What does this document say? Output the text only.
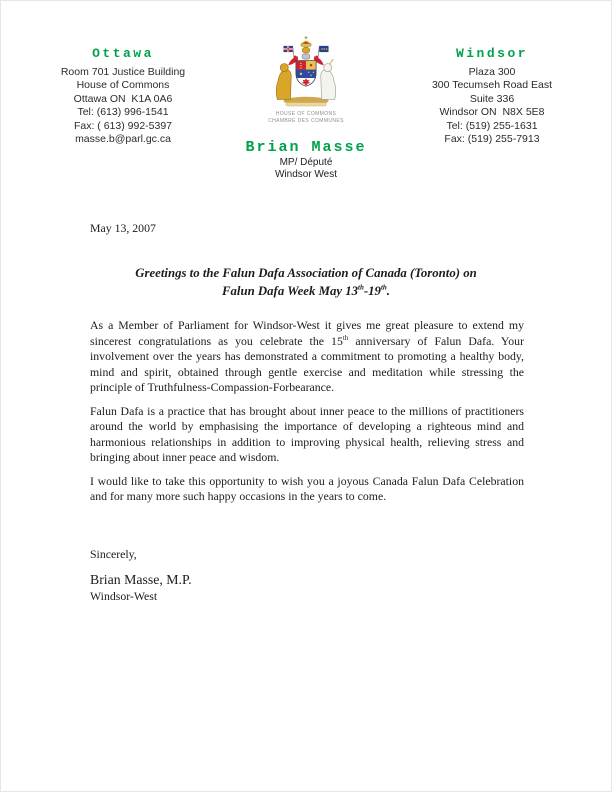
Ottawa
Room 701 Justice Building
House of Commons
Ottawa ON  K1A 0A6
Tel: (613) 996-1541
Fax: ( 613) 992-5397
masse.b@parl.gc.ca
Windsor
Plaza 300
300 Tecumseh Road East
Suite 336
Windsor ON  N8X 5E8
Tel: (519) 255-1631
Fax: (519) 255-7913
HOUSE OF COMMONS
CHAMBRE DES COMMUNES
Brian Masse
MP/ Député
Windsor West
May 13, 2007
Greetings to the Falun Dafa Association of Canada (Toronto) on
Falun Dafa Week May 13th-19th.

As a Member of Parliament for Windsor-West it gives me great pleasure to extend my sincerest congratulations as you celebrate the 15th anniversary of Falun Dafa. Your involvement over the years has demonstrated a commitment to promoting a healthy body, mind and spirit, obtained through gentle exercise and meditation while stressing the principle of Truthfulness-Compassion-Forbearance.

Falun Dafa is a practice that has brought about inner peace to the millions of practitioners around the world by emphasising the importance of developing a righteous mind and harmonious relationships in addition to improving physical health, relieving stress and bringing about inner peace and wisdom.

I would like to take this opportunity to wish you a joyous Canada Falun Dafa Celebration and for many more such happy occasions in the years to come.

Sincerely,
Brian Masse, M.P.
Windsor-West
